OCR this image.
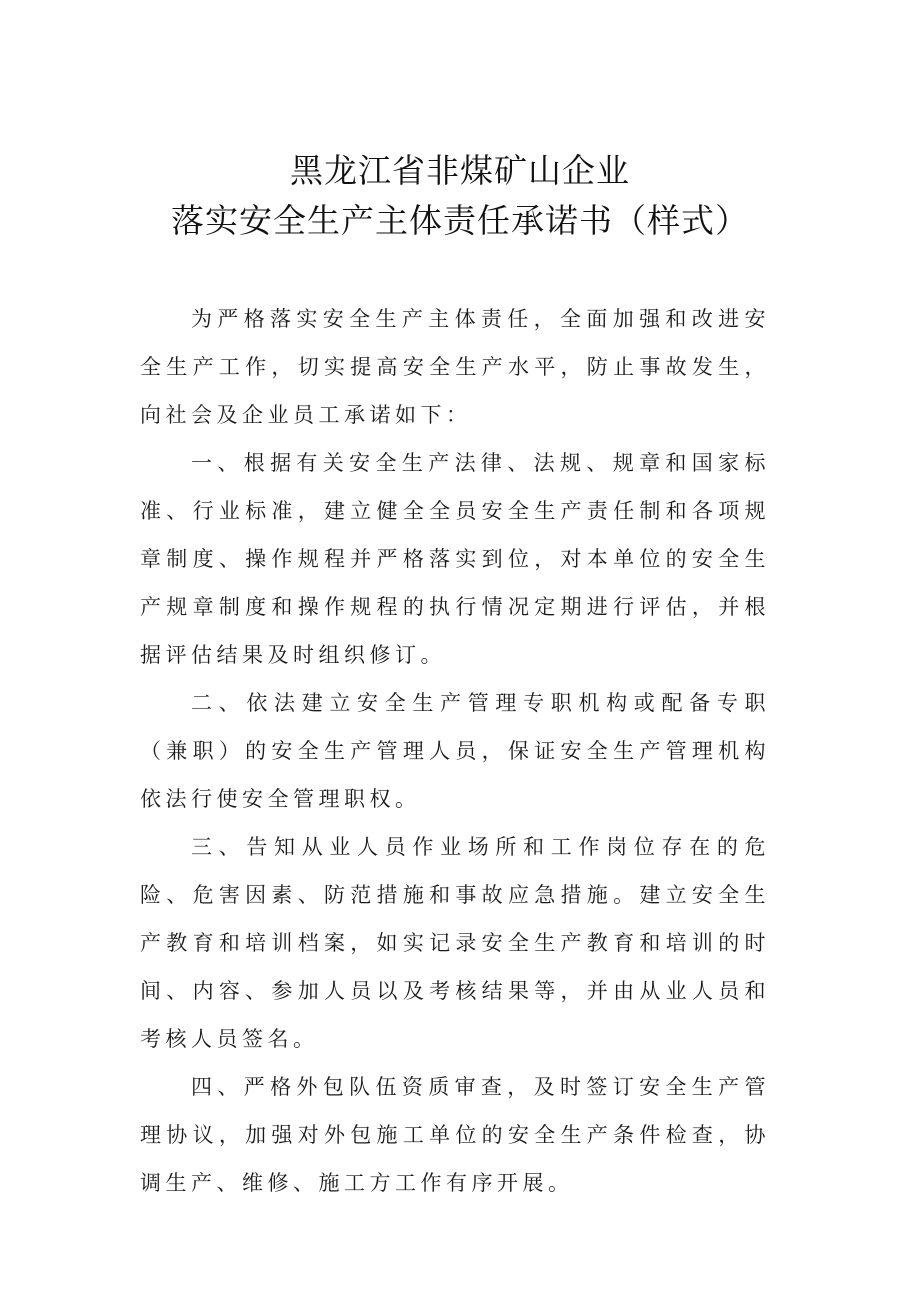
黑龙江省非煤矿山企业
落实安全生产主体责任承诺书（样式）

为严格落实安全生产主体责任，全面加强和改进安全生产工作，切实提高安全生产水平，防止事故发生，向社会及企业员工承诺如下：

一、根据有关安全生产法律、法规、规章和国家标准、行业标准，建立健全全员安全生产责任制和各项规章制度、操作规程并严格落实到位，对本单位的安全生产规章制度和操作规程的执行情况定期进行评估，并根据评估结果及时组织修订。

二、依法建立安全生产管理专职机构或配备专职（兼职）的安全生产管理人员，保证安全生产管理机构依法行使安全管理职权。

三、告知从业人员作业场所和工作岗位存在的危险、危害因素、防范措施和事故应急措施。建立安全生产教育和培训档案，如实记录安全生产教育和培训的时间、内容、参加人员以及考核结果等，并由从业人员和考核人员签名。

四、严格外包队伍资质审查，及时签订安全生产管理协议，加强对外包施工单位的安全生产条件检查，协调生产、维修、施工方工作有序开展。
